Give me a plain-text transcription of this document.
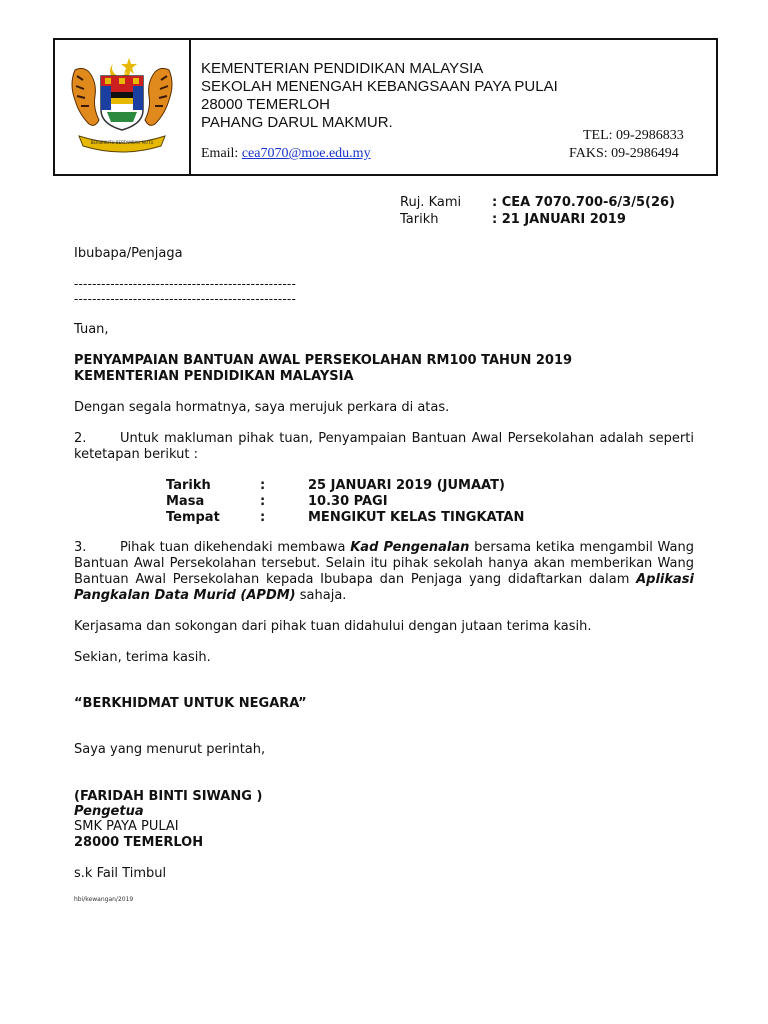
BERSEKUTU BERTAMBAH MUTU
KEMENTERIAN PENDIDIKAN MALAYSIA
SEKOLAH MENENGAH KEBANGSAAN PAYA PULAI
28000 TEMERLOH
PAHANG DARUL MAKMUR.
TEL: 09-2986833
Email: cea7070@moe.edu.my	FAKS: 09-2986494
Ruj. Kami : CEA 7070.700-6/3/5(26)
Tarikh	: 21 JANUARI 2019
Ibubapa/Penjaga
-------------------------------------------------
-------------------------------------------------
Tuan,
PENYAMPAIAN BANTUAN AWAL PERSEKOLAHAN RM100 TAHUN 2019
KEMENTERIAN PENDIDIKAN MALAYSIA
Dengan segala hormatnya, saya merujuk perkara di atas.
2.	Untuk makluman pihak tuan, Penyampaian Bantuan Awal Persekolahan adalah seperti ketetapan berikut :
Tarikh	:	25 JANUARI 2019 (JUMAAT)
Masa	:	10.30 PAGI
Tempat	:	MENGIKUT KELAS TINGKATAN
3.	Pihak tuan dikehendaki membawa Kad Pengenalan bersama ketika mengambil Wang Bantuan Awal Persekolahan tersebut. Selain itu pihak sekolah hanya akan memberikan Wang Bantuan Awal Persekolahan kepada Ibubapa dan Penjaga yang didaftarkan dalam Aplikasi Pangkalan Data Murid (APDM) sahaja.
Kerjasama dan sokongan dari pihak tuan didahului dengan jutaan terima kasih.
Sekian, terima kasih.
“BERKHIDMAT UNTUK NEGARA”
Saya yang menurut perintah,
(FARIDAH BINTI SIWANG )
Pengetua
SMK PAYA PULAI
28000 TEMERLOH
s.k Fail Timbul
hbi/kewangan/2019
